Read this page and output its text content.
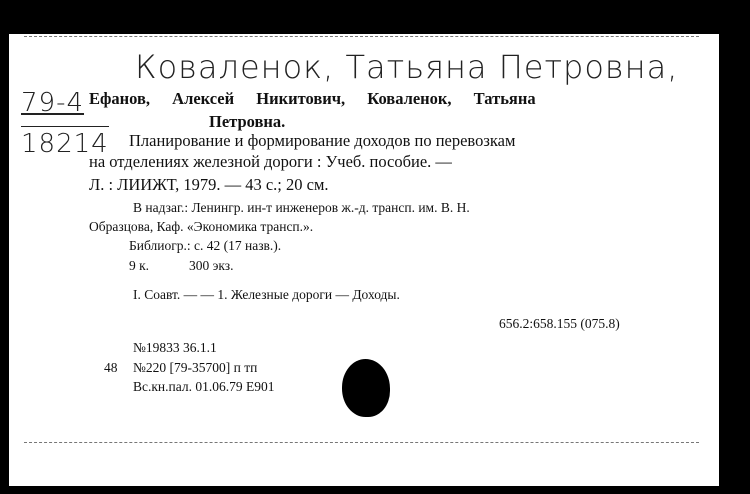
Коваленок, Татьяна Петровна,
79-4
18214
Ефанов, Алексей Никитович, Коваленок, Татьяна
Петровна.
Планирование и формирование доходов по перевозкам
на отделениях железной дороги : Учеб. пособие. —
Л. : ЛИИЖТ, 1979. — 43 с.; 20 см.
В надзаг.: Ленингр. ин-т инженеров ж.-д. трансп. им. В. Н.
Образцова, Каф. «Экономика трансп.».
Библиогр.: с. 42 (17 назв.).
9 к.	300 экз.
I. Соавт. — — 1. Железные дороги — Доходы.
656.2:658.155 (075.8)
№19833 36.1.1
48 №220 [79-35700] п тп
Вс.кн.пал. 01.06.79 Е901
